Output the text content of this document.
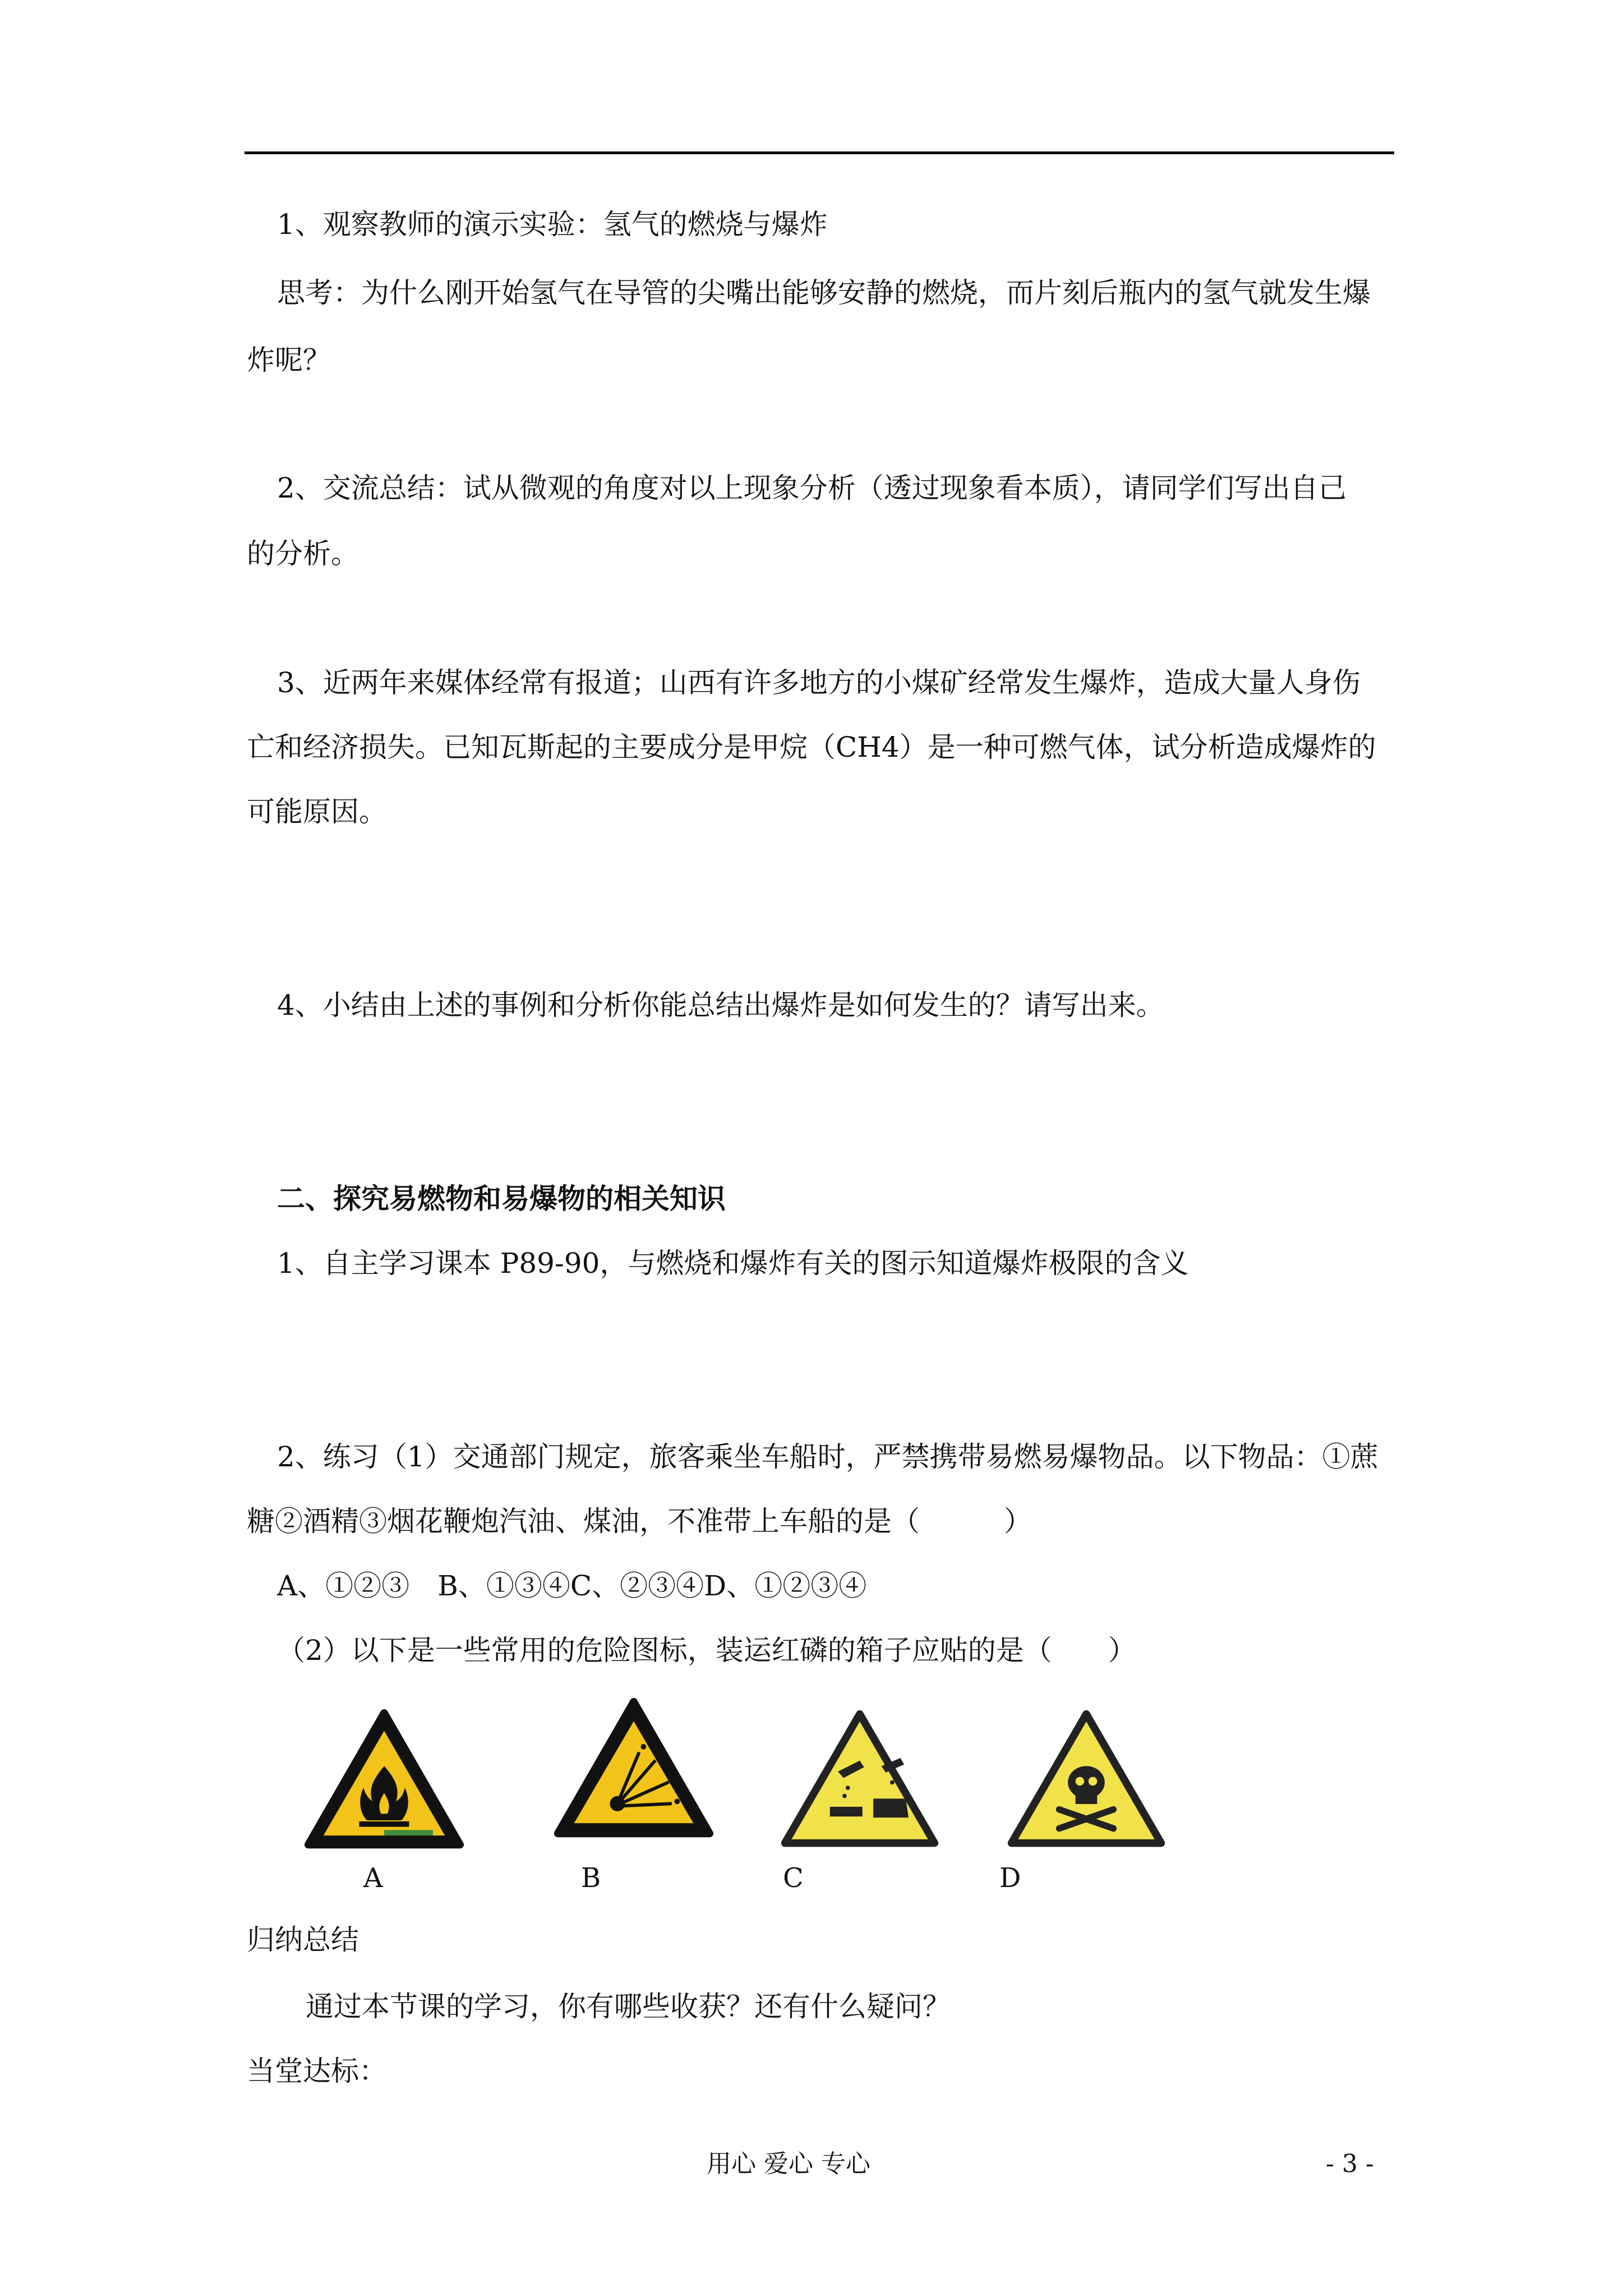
1、观察教师的演示实验：氢气的燃烧与爆炸
思考：为什么刚开始氢气在导管的尖嘴出能够安静的燃烧，而片刻后瓶内的氢气就发生爆
炸呢？
2、交流总结：试从微观的角度对以上现象分析（透过现象看本质），请同学们写出自己
的分析。
3、近两年来媒体经常有报道；山西有许多地方的小煤矿经常发生爆炸，造成大量人身伤
亡和经济损失。已知瓦斯起的主要成分是甲烷（CH4）是一种可燃气体，试分析造成爆炸的
可能原因。
4、小结由上述的事例和分析你能总结出爆炸是如何发生的？请写出来。
二、探究易燃物和易爆物的相关知识
1、自主学习课本 P89-90，与燃烧和爆炸有关的图示知道爆炸极限的含义
2、练习（1）交通部门规定，旅客乘坐车船时，严禁携带易燃易爆物品。以下物品：①蔗
糖②酒精③烟花鞭炮汽油、煤油，不准带上车船的是（　　　）
A、①②③　B、①③④C、②③④D、①②③④
（2）以下是一些常用的危险图标，装运红磷的箱子应贴的是（　　）
A	B	C	D
归纳总结
通过本节课的学习，你有哪些收获？还有什么疑问？
当堂达标：
用心 爱心 专心	- 3 -
